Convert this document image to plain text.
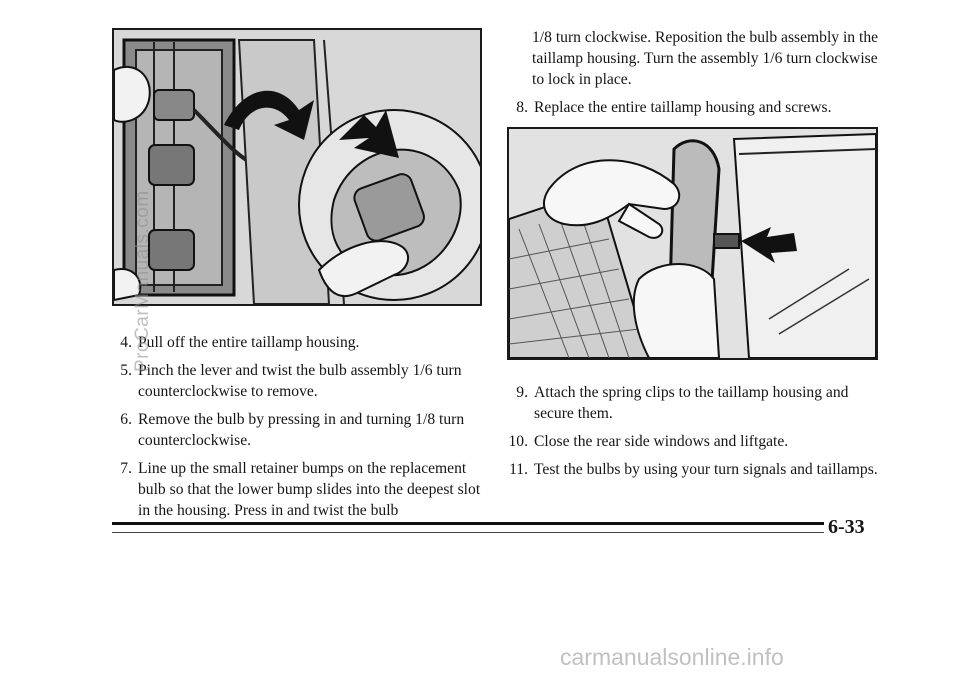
1/8 turn clockwise. Reposition the bulb assembly in the taillamp housing. Turn the assembly 1/6 turn clockwise to lock in place.
8. Replace the entire taillamp housing and screws.
4. Pull off the entire taillamp housing.
5. Pinch the lever and twist the bulb assembly 1/6 turn counterclockwise to remove.
6. Remove the bulb by pressing in and turning 1/8 turn counterclockwise.
7. Line up the small retainer bumps on the replacement bulb so that the lower bump slides into the deepest slot in the housing. Press in and twist the bulb
9. Attach the spring clips to the taillamp housing and secure them.
10. Close the rear side windows and liftgate.
11. Test the bulbs by using your turn signals and taillamps.
6-33
ProCarManuals.com
carmanualsonline.info
